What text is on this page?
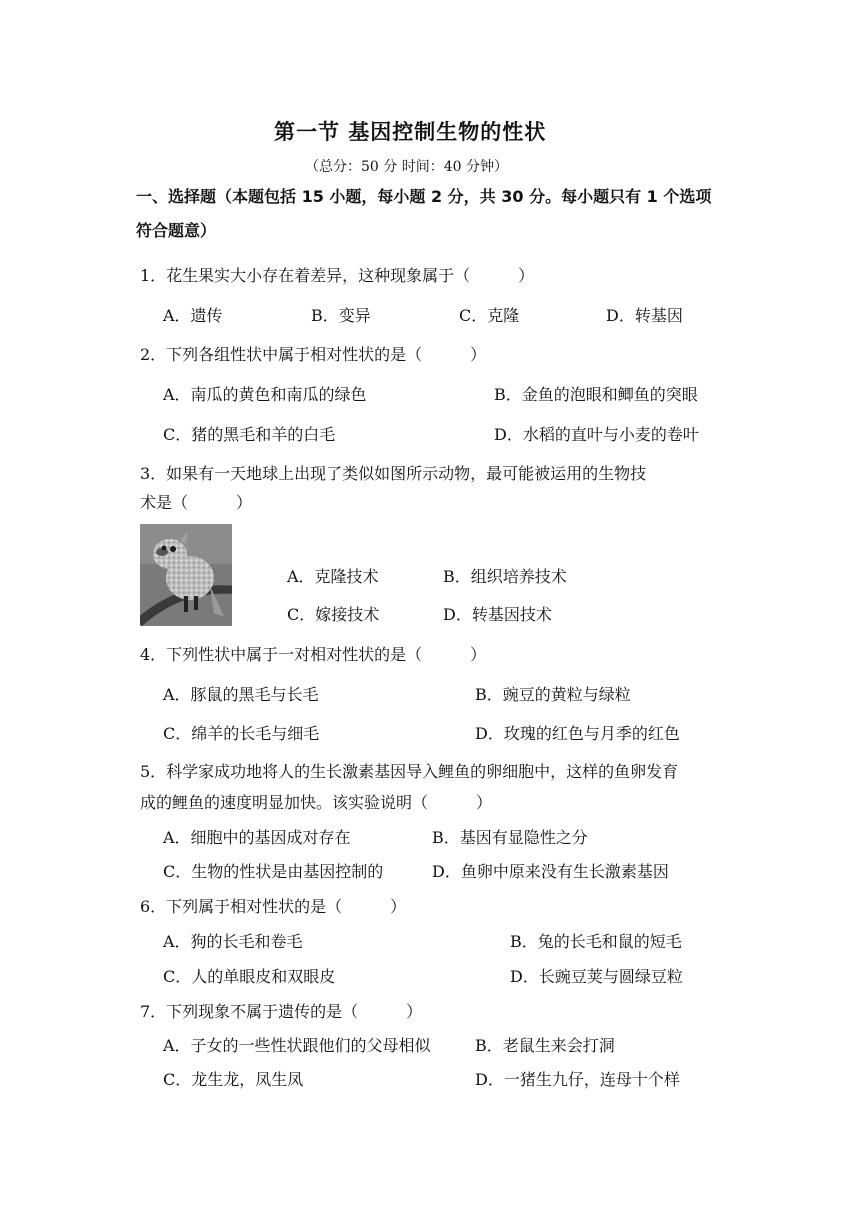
第一节 基因控制生物的性状
（总分：50 分 时间：40 分钟）
一、选择题（本题包括 15 小题，每小题 2 分，共 30 分。每小题只有 1 个选项
符合题意）
1．花生果实大小存在着差异，这种现象属于（　　　）
A．遗传	B．变异	C．克隆	D．转基因
2．下列各组性状中属于相对性状的是（　　　）
A．南瓜的黄色和南瓜的绿色	B．金鱼的泡眼和鲫鱼的突眼
C．猪的黑毛和羊的白毛	D．水稻的直叶与小麦的卷叶
3．如果有一天地球上出现了类似如图所示动物，最可能被运用的生物技
术是（　　　）
A．克隆技术	B．组织培养技术
C．嫁接技术	D．转基因技术
4．下列性状中属于一对相对性状的是（　　　）
A．豚鼠的黑毛与长毛	B．豌豆的黄粒与绿粒
C．绵羊的长毛与细毛	D．玫瑰的红色与月季的红色
5．科学家成功地将人的生长激素基因导入鲤鱼的卵细胞中，这样的鱼卵发育
成的鲤鱼的速度明显加快。该实验说明（　　　）
A．细胞中的基因成对存在	B．基因有显隐性之分
C．生物的性状是由基因控制的	D．鱼卵中原来没有生长激素基因
6．下列属于相对性状的是（　　　）
A．狗的长毛和卷毛	B．兔的长毛和鼠的短毛
C．人的单眼皮和双眼皮	D．长豌豆荚与圆绿豆粒
7．下列现象不属于遗传的是（　　　）
A．子女的一些性状跟他们的父母相似	B．老鼠生来会打洞
C．龙生龙，凤生凤	D．一猪生九仔，连母十个样
